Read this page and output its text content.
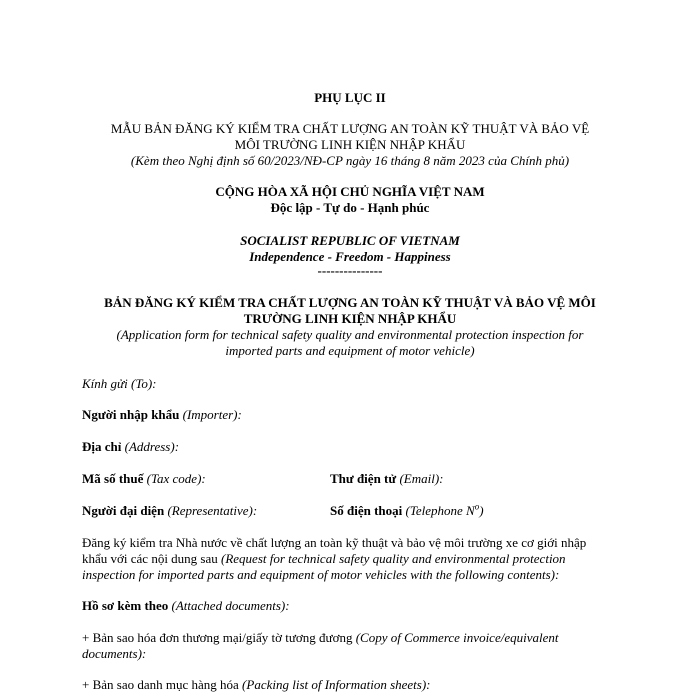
PHỤ LỤC II
MẪU BẢN ĐĂNG KÝ KIỂM TRA CHẤT LƯỢNG AN TOÀN KỸ THUẬT VÀ BẢO VỆ
MÔI TRƯỜNG LINH KIỆN NHẬP KHẨU
(Kèm theo Nghị định số 60/2023/NĐ-CP ngày 16 tháng 8 năm 2023 của Chính phủ)
CỘNG HÒA XÃ HỘI CHỦ NGHĨA VIỆT NAM
Độc lập - Tự do - Hạnh phúc
SOCIALIST REPUBLIC OF VIETNAM
Independence - Freedom - Happiness
---------------
BẢN ĐĂNG KÝ KIỂM TRA CHẤT LƯỢNG AN TOÀN KỸ THUẬT VÀ BẢO VỆ MÔI
TRƯỜNG LINH KIỆN NHẬP KHẨU
(Application form for technical safety quality and environmental protection inspection for
imported parts and equipment of motor vehicle)
Kính gửi (To):
Người nhập khẩu (Importer):
Địa chỉ (Address):
Mã số thuế (Tax code):	Thư điện tử (Email):
Người đại diện (Representative):	Số điện thoại (Telephone $N^o$)
Đăng ký kiểm tra Nhà nước về chất lượng an toàn kỹ thuật và bảo vệ môi trường xe cơ giới nhập
khẩu với các nội dung sau (Request for technical safety quality and environmental protection
inspection for imported parts and equipment of motor vehicles with the following contents):
Hồ sơ kèm theo (Attached documents):
+ Bản sao hóa đơn thương mại/giấy tờ tương đương (Copy of Commerce invoice/equivalent
documents):
+ Bản sao danh mục hàng hóa (Packing list of Information sheets):
